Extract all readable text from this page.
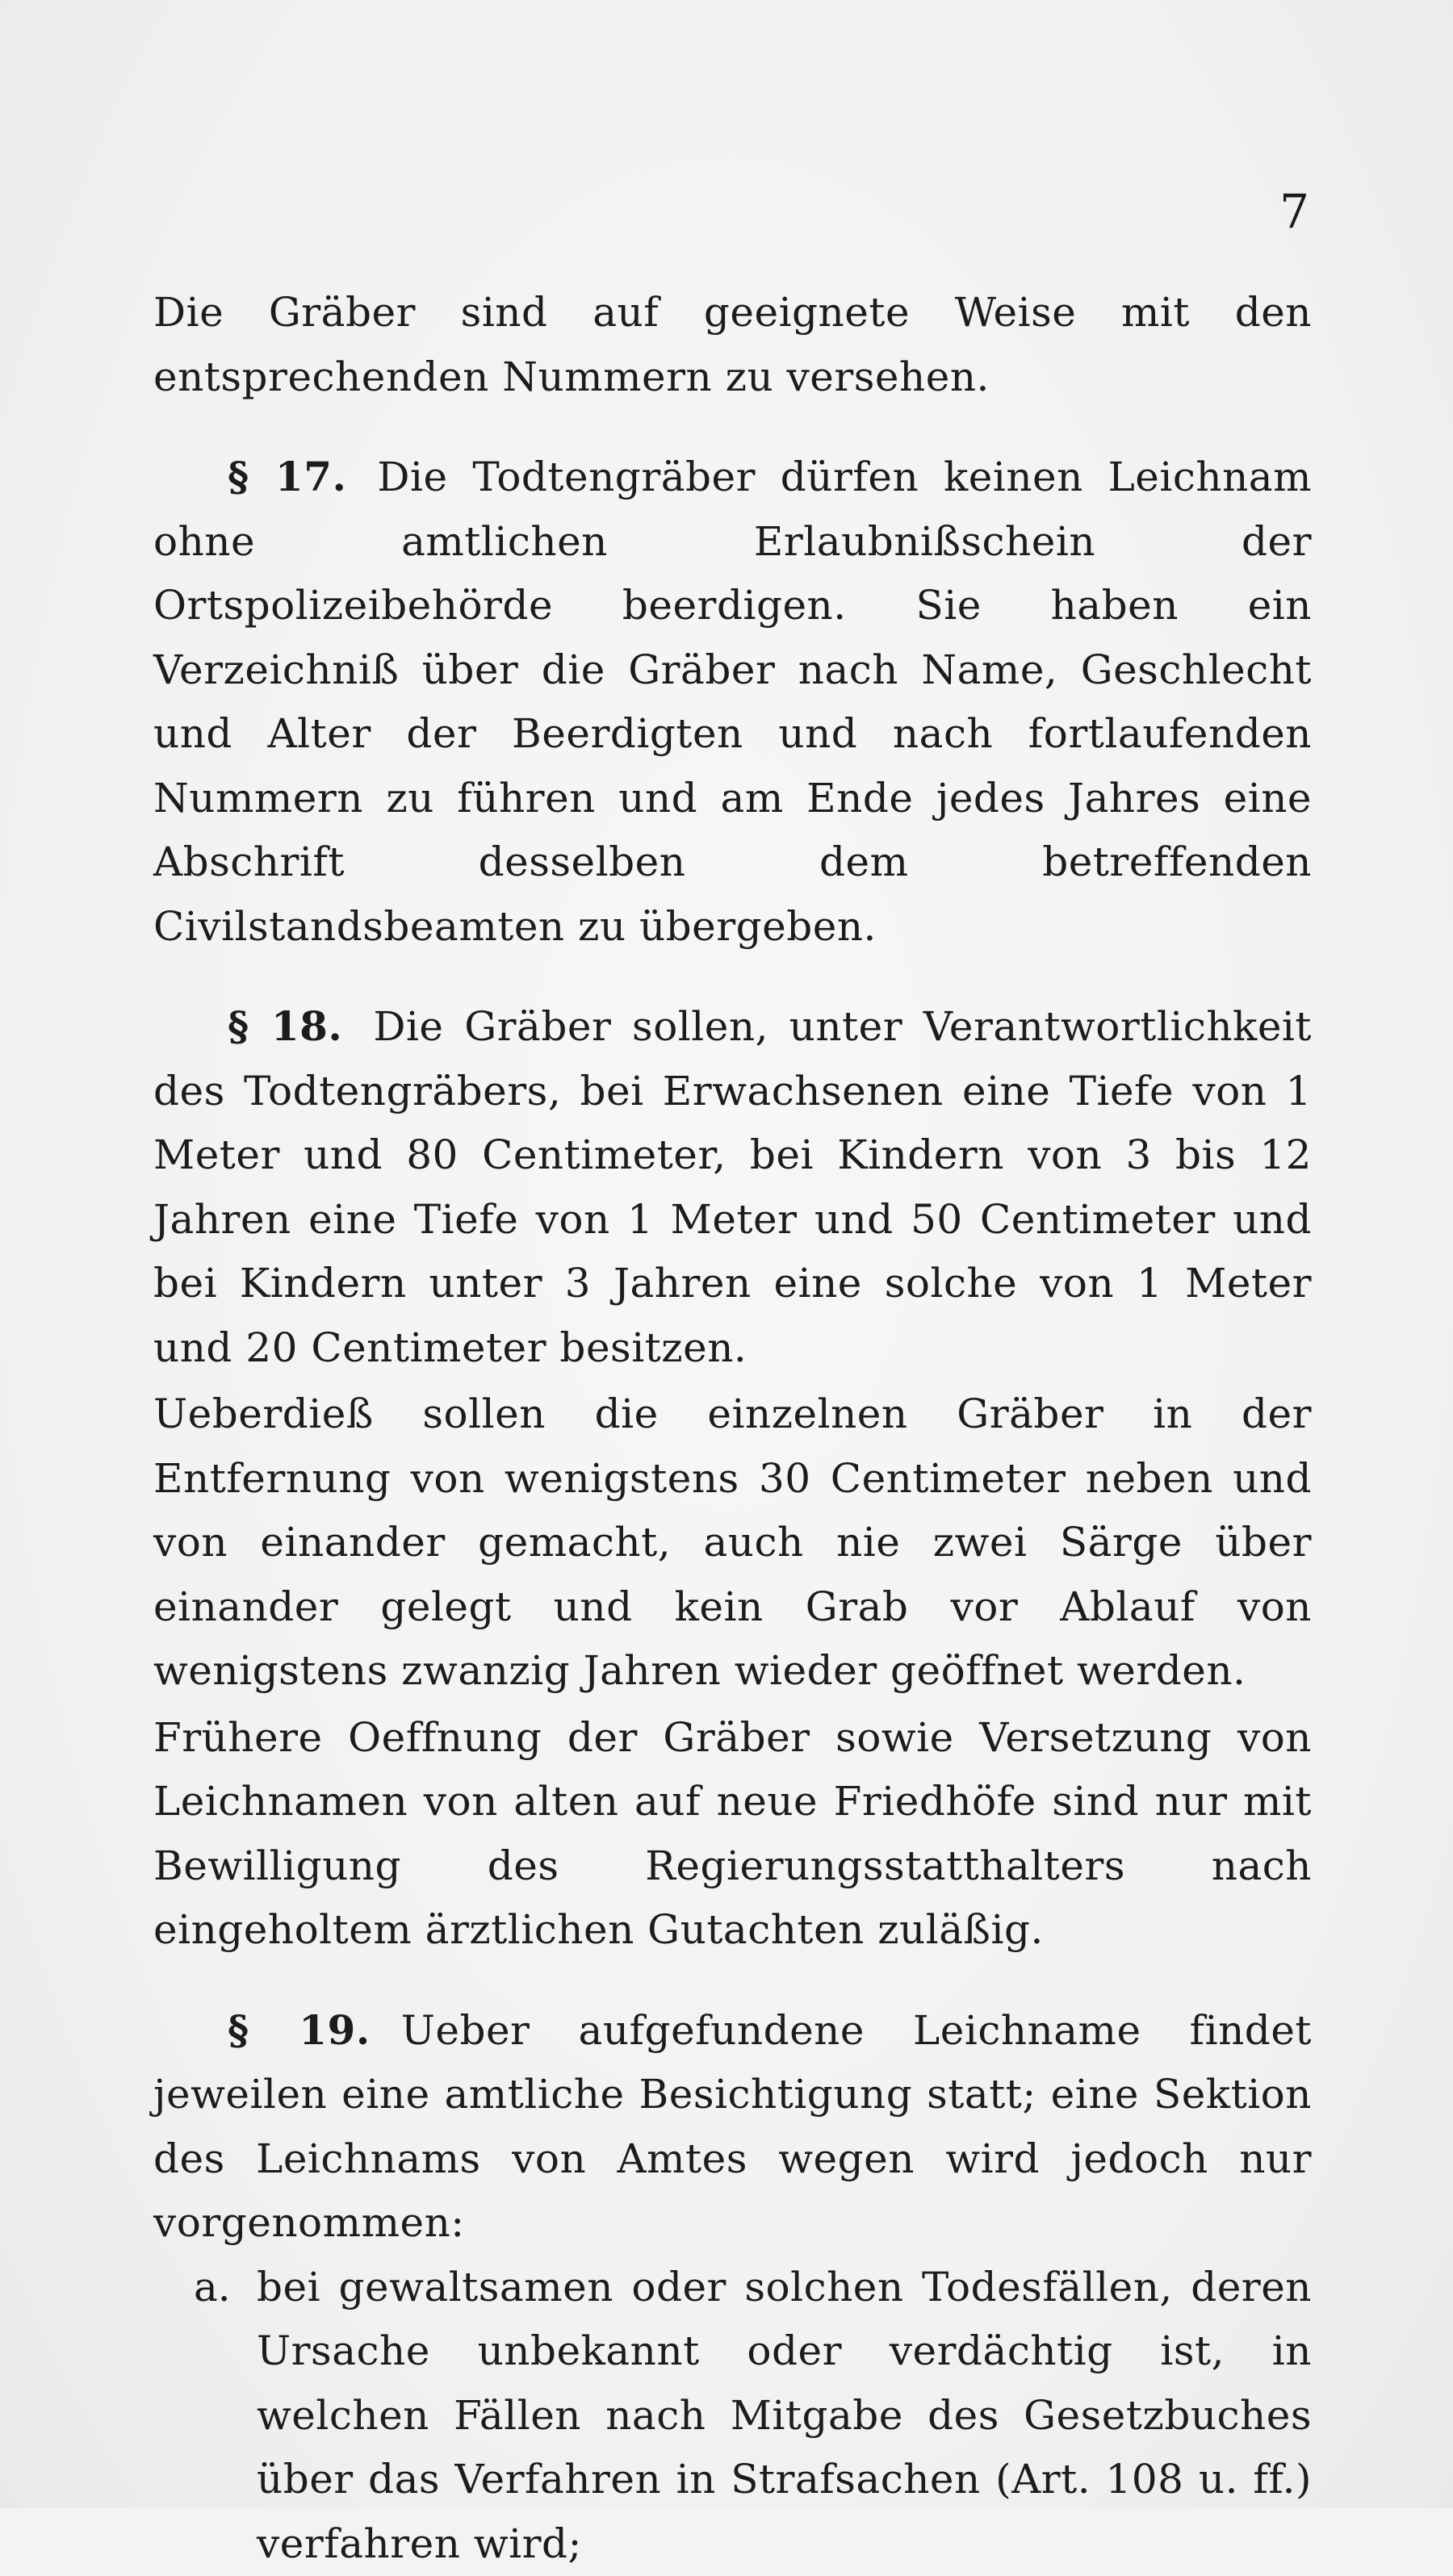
7

Die Gräber sind auf geeignete Weise mit den entsprechenden Nummern zu versehen.

§ 17. Die Todtengräber dürfen keinen Leichnam ohne amtlichen Erlaubnißschein der Ortspolizeibehörde beerdigen. Sie haben ein Verzeichniß über die Gräber nach Name, Geschlecht und Alter der Beerdigten und nach fortlaufenden Nummern zu führen und am Ende jedes Jahres eine Abschrift desselben dem betreffenden Civilstandsbeamten zu übergeben.

§ 18. Die Gräber sollen, unter Verantwortlichkeit des Todtengräbers, bei Erwachsenen eine Tiefe von 1 Meter und 80 Centimeter, bei Kindern von 3 bis 12 Jahren eine Tiefe von 1 Meter und 50 Centimeter und bei Kindern unter 3 Jahren eine solche von 1 Meter und 20 Centimeter besitzen.

Ueberdieß sollen die einzelnen Gräber in der Entfernung von wenigstens 30 Centimeter neben und von einander gemacht, auch nie zwei Särge über einander gelegt und kein Grab vor Ablauf von wenigstens zwanzig Jahren wieder geöffnet werden.

Frühere Oeffnung der Gräber sowie Versetzung von Leichnamen von alten auf neue Friedhöfe sind nur mit Bewilligung des Regierungsstatthalters nach eingeholtem ärztlichen Gutachten zuläßig.

§ 19. Ueber aufgefundene Leichname findet jeweilen eine amtliche Besichtigung statt; eine Sektion des Leichnams von Amtes wegen wird jedoch nur vorgenommen:

a. bei gewaltsamen oder solchen Todesfällen, deren Ursache unbekannt oder verdächtig ist, in welchen Fällen nach Mitgabe des Gesetzbuches über das Verfahren in Strafsachen (Art. 108 u. ff.) verfahren wird;
